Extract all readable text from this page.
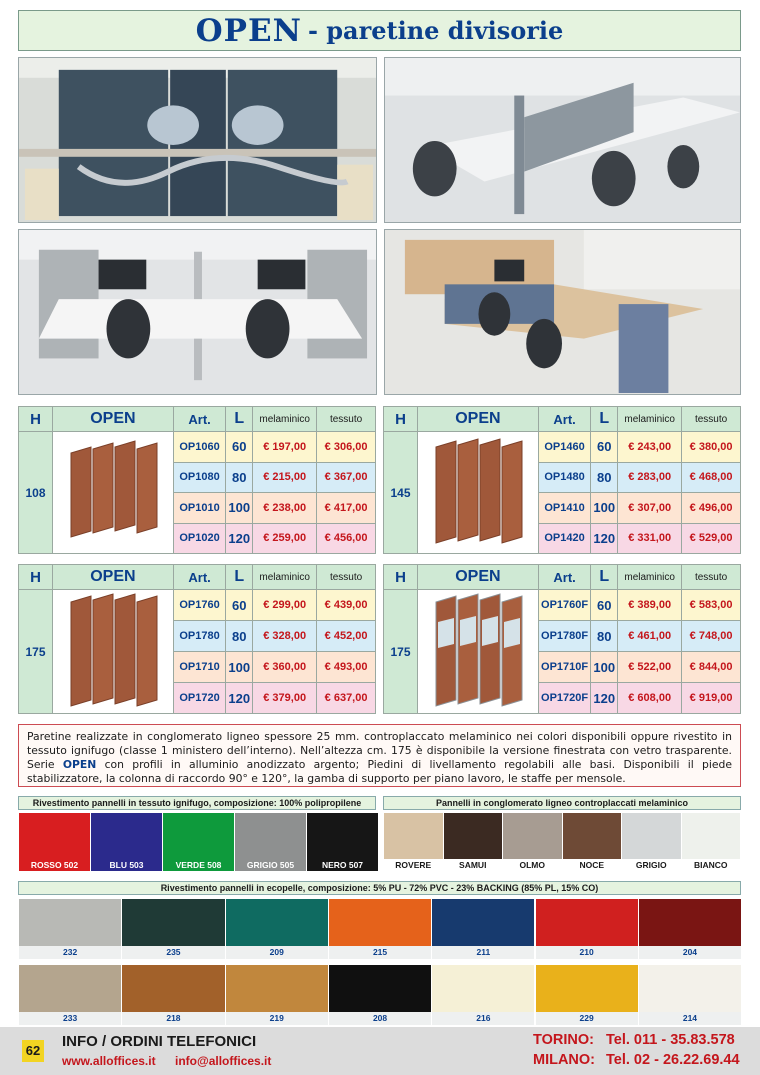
OPEN - paretine divisorie
H	OPEN	Art.	L	melaminico	tessuto
108		OP1060	60	€ 197,00	€ 306,00
		OP1080	80	€ 215,00	€ 367,00
		OP1010	100	€ 238,00	€ 417,00
		OP1020	120	€ 259,00	€ 456,00
H	OPEN	Art.	L	melaminico	tessuto
145		OP1460	60	€ 243,00	€ 380,00
		OP1480	80	€ 283,00	€ 468,00
		OP1410	100	€ 307,00	€ 496,00
		OP1420	120	€ 331,00	€ 529,00
H	OPEN	Art.	L	melaminico	tessuto
175		OP1760	60	€ 299,00	€ 439,00
		OP1780	80	€ 328,00	€ 452,00
		OP1710	100	€ 360,00	€ 493,00
		OP1720	120	€ 379,00	€ 637,00
H	OPEN	Art.	L	melaminico	tessuto
175		OP1760F	60	€ 389,00	€ 583,00
		OP1780F	80	€ 461,00	€ 748,00
		OP1710F	100	€ 522,00	€ 844,00
		OP1720F	120	€ 608,00	€ 919,00
Paretine realizzate in conglomerato ligneo spessore 25 mm. controplaccato melaminico nei colori disponibili oppure rivestito in tessuto ignifugo (classe 1 ministero dell’interno). Nell’altezza cm. 175 è disponibile la versione finestrata con vetro trasparente. Serie OPEN con profili in alluminio anodizzato argento; Piedini di livellamento regolabili alle basi. Disponibili il piede stabilizzatore, la colonna di raccordo 90° e 120°, la gamba di supporto per piano lavoro, le staffe per mensole.
Rivestimento pannelli in tessuto ignifugo, composizione: 100% polipropilene
ROSSO 502	BLU 503	VERDE 508	GRIGIO 505	NERO 507
Pannelli in conglomerato ligneo controplaccati melaminico
ROVERE	SAMUI	OLMO	NOCE	GRIGIO	BIANCO
Rivestimento pannelli in ecopelle, composizione: 5% PU - 72% PVC - 23% BACKING (85% PL, 15% CO)
232	235	209	215	211	210	204
233	218	219	208	216	229	214
62
INFO / ORDINI TELEFONICI
www.alloffices.it info@alloffices.it
TORINO: Tel. 011 - 35.83.578
MILANO: Tel. 02 - 26.22.69.44
